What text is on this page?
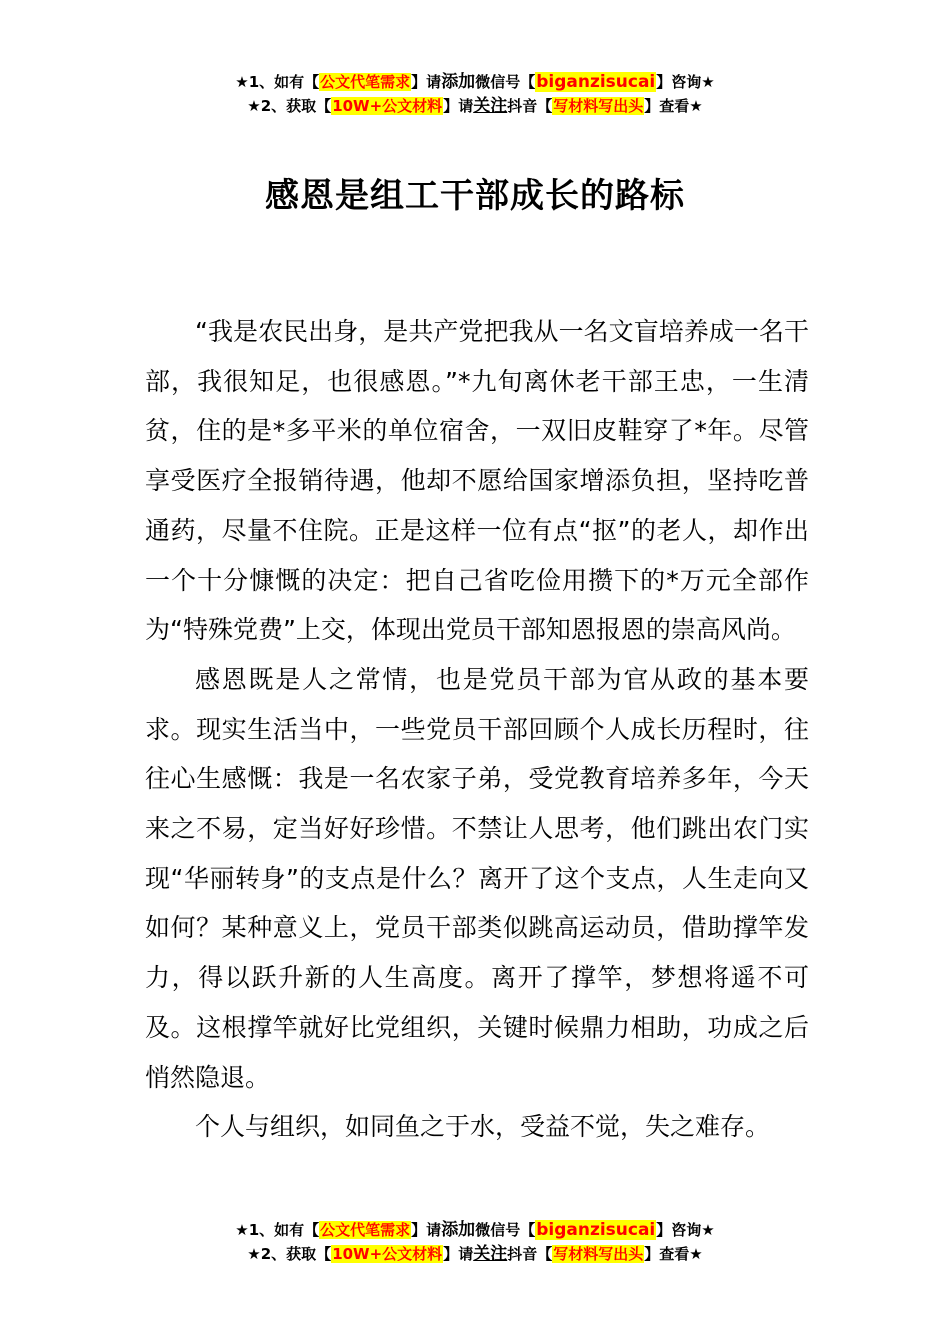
★1、如有【公文代笔需求】请添加微信号【biganzisucai】咨询★
★2、获取【10W+公文材料】请关注抖音【写材料写出头】查看★
感恩是组工干部成长的路标

“我是农民出身，是共产党把我从一名文盲培养成一名干部，我很知足，也很感恩。”*九旬离休老干部王忠，一生清贫，住的是*多平米的单位宿舍，一双旧皮鞋穿了*年。尽管享受医疗全报销待遇，他却不愿给国家增添负担，坚持吃普通药，尽量不住院。正是这样一位有点“抠”的老人，却作出一个十分慷慨的决定：把自己省吃俭用攒下的*万元全部作为“特殊党费”上交，体现出党员干部知恩报恩的崇高风尚。

感恩既是人之常情，也是党员干部为官从政的基本要求。现实生活当中，一些党员干部回顾个人成长历程时，往往心生感慨：我是一名农家子弟，受党教育培养多年，今天来之不易，定当好好珍惜。不禁让人思考，他们跳出农门实现“华丽转身”的支点是什么？离开了这个支点，人生走向又如何？某种意义上，党员干部类似跳高运动员，借助撑竿发力，得以跃升新的人生高度。离开了撑竿，梦想将遥不可及。这根撑竿就好比党组织，关键时候鼎力相助，功成之后悄然隐退。

个人与组织，如同鱼之于水，受益不觉，失之难存。

★1、如有【公文代笔需求】请添加微信号【biganzisucai】咨询★
★2、获取【10W+公文材料】请关注抖音【写材料写出头】查看★
